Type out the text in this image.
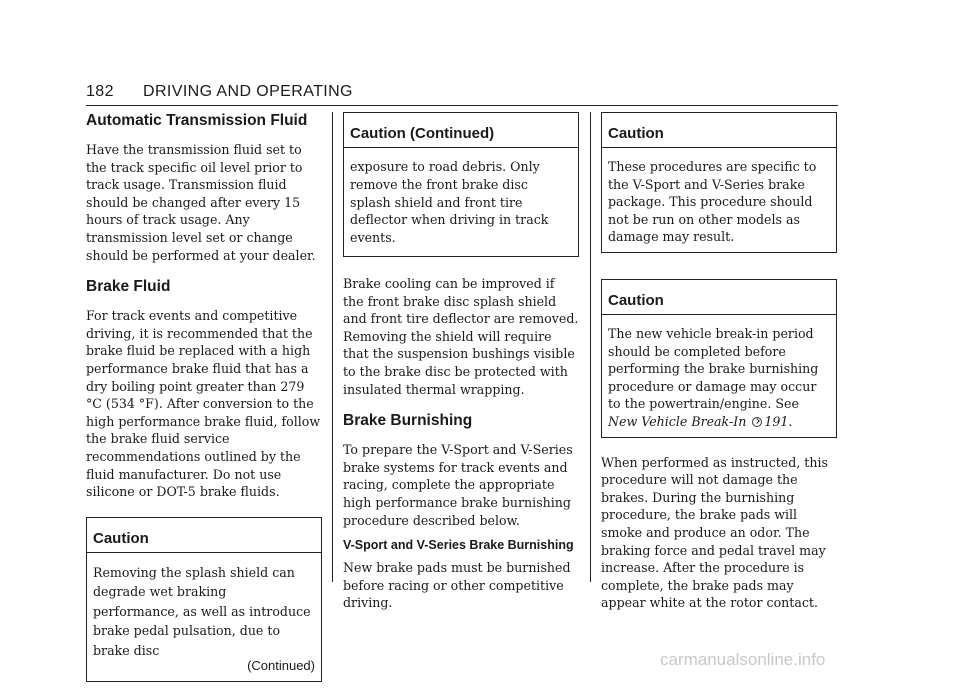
182 DRIVING AND OPERATING
Automatic Transmission Fluid

Have the transmission fluid set to the track specific oil level prior to track usage. Transmission fluid should be changed after every 15 hours of track usage. Any transmission level set or change should be performed at your dealer.

Brake Fluid

For track events and competitive driving, it is recommended that the brake fluid be replaced with a high performance brake fluid that has a dry boiling point greater than 279 °C (534 °F). After conversion to the high performance brake fluid, follow the brake fluid service recommendations outlined by the fluid manufacturer. Do not use silicone or DOT-5 brake fluids.

Caution

Removing the splash shield can degrade wet braking performance, as well as introduce brake pedal pulsation, due to brake disc

(Continued)
Caution (Continued)

exposure to road debris. Only remove the front brake disc splash shield and front tire deflector when driving in track events.

Brake cooling can be improved if the front brake disc splash shield and front tire deflector are removed. Removing the shield will require that the suspension bushings visible to the brake disc be protected with insulated thermal wrapping.

Brake Burnishing

To prepare the V-Sport and V-Series brake systems for track events and racing, complete the appropriate high performance brake burnishing procedure described below.

V-Sport and V-Series Brake Burnishing

New brake pads must be burnished before racing or other competitive driving.

Caution

These procedures are specific to the V-Sport and V-Series brake package. This procedure should not be run on other models as damage may result.

Caution

The new vehicle break-in period should be completed before performing the brake burnishing procedure or damage may occur to the powertrain/engine. See New Vehicle Break-In 191.

When performed as instructed, this procedure will not damage the brakes. During the burnishing procedure, the brake pads will smoke and produce an odor. The braking force and pedal travel may increase. After the procedure is complete, the brake pads may appear white at the rotor contact.

carmanualsonline.info
